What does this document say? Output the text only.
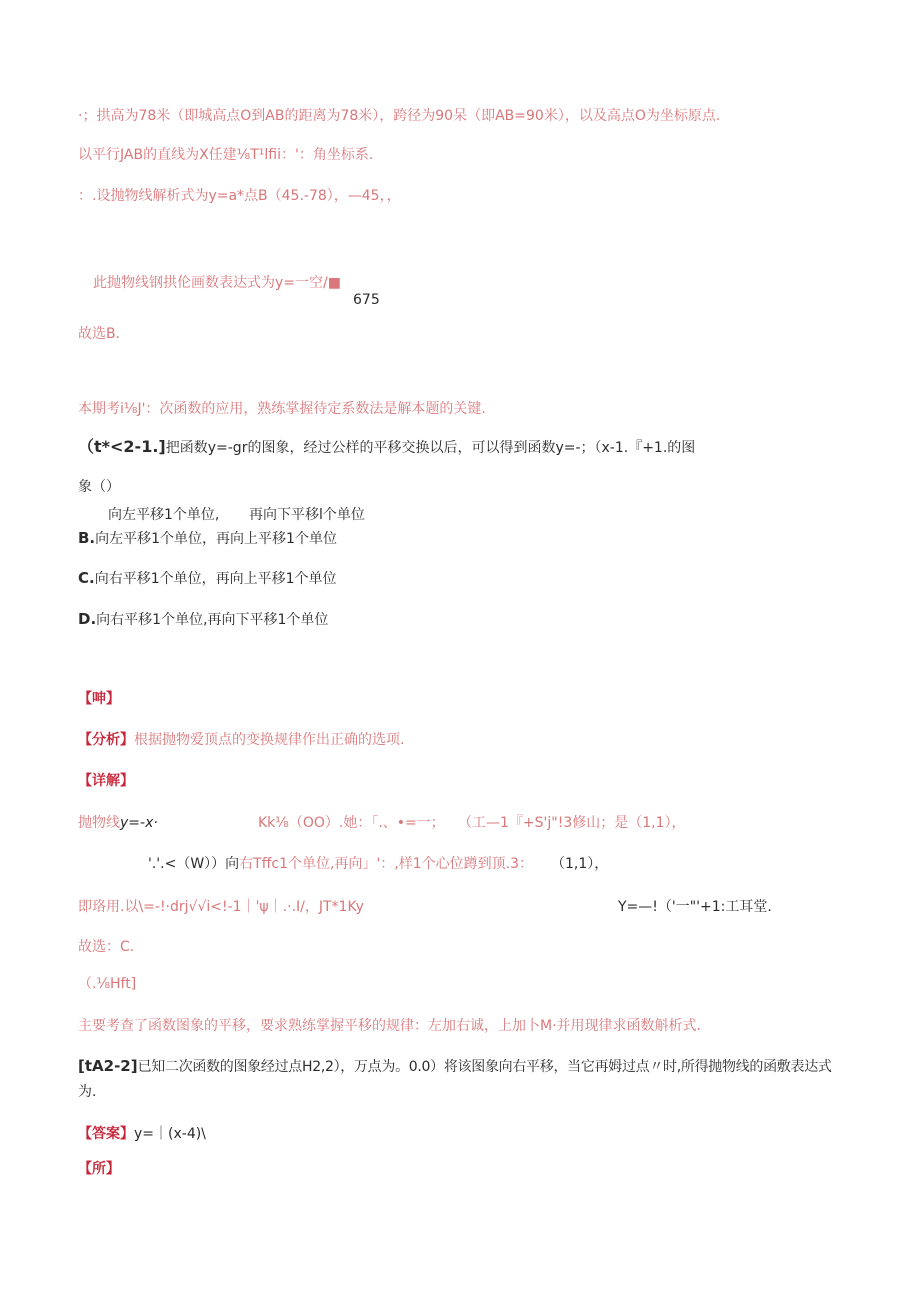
·；拱高为78米（即城高点O到AB的距离为78米），跨径为90呆（即AB=90米），以及高点O为坐标原点.
以平行JAB的直线为X任建⅛T¹lfii：'：角坐标系.
：.设抛物线解析式为y=a*点B（45.-78），—45，，
此抛物线钢拱伦画数表达式为y=一空/■
675
故选B.
本期考i⅛J'：次函数的应用，熟练掌握待定系数法是解本题的关键.
（t*<2-1.]把函数y=-gr的图象，经过公样的平移交换以后，可以得到函数y=-；（x-1.『+1.的图
象（）
向左平移1个单位, 再向下平移l个单位
B.向左平移1个单位，再向上平移1个单位
C.向右平移1个单位，再向上平移1个单位
D.向右平移1个单位,再向下平移1个单位
【呻】
【分析】根据抛物爱顶点的变换规律作出正确的选项.
【详解】
抛物线y=-x·	Kk⅛（OO）.她：「.、•=一； （工—1『+S'j"!3修山；是（1,1），
'.'.<（W））向右Tffc1个单位,再向」'：,样1个心位蹲到顶.3： （1,1），
即珞用.以\=-!·drj√√i<!-1｜'ψ｜.·.I/，JT*1Ky	Y=—!（'一"'+1:工耳堂.
故选：C.
（.⅛Hft]
主要考查了函数图象的平移，要求熟练掌握平移的规律：左加右诚，上加卜M·并用现律求函数斛析式.
[tA2-2]已知二次函数的图象经过点H2,2），万点为。0.0）将该图象向右平移，当它再姆过点〃时,所得抛物线的函敷表达式
为.
【答案】y=｜(x-4)\
【所】
